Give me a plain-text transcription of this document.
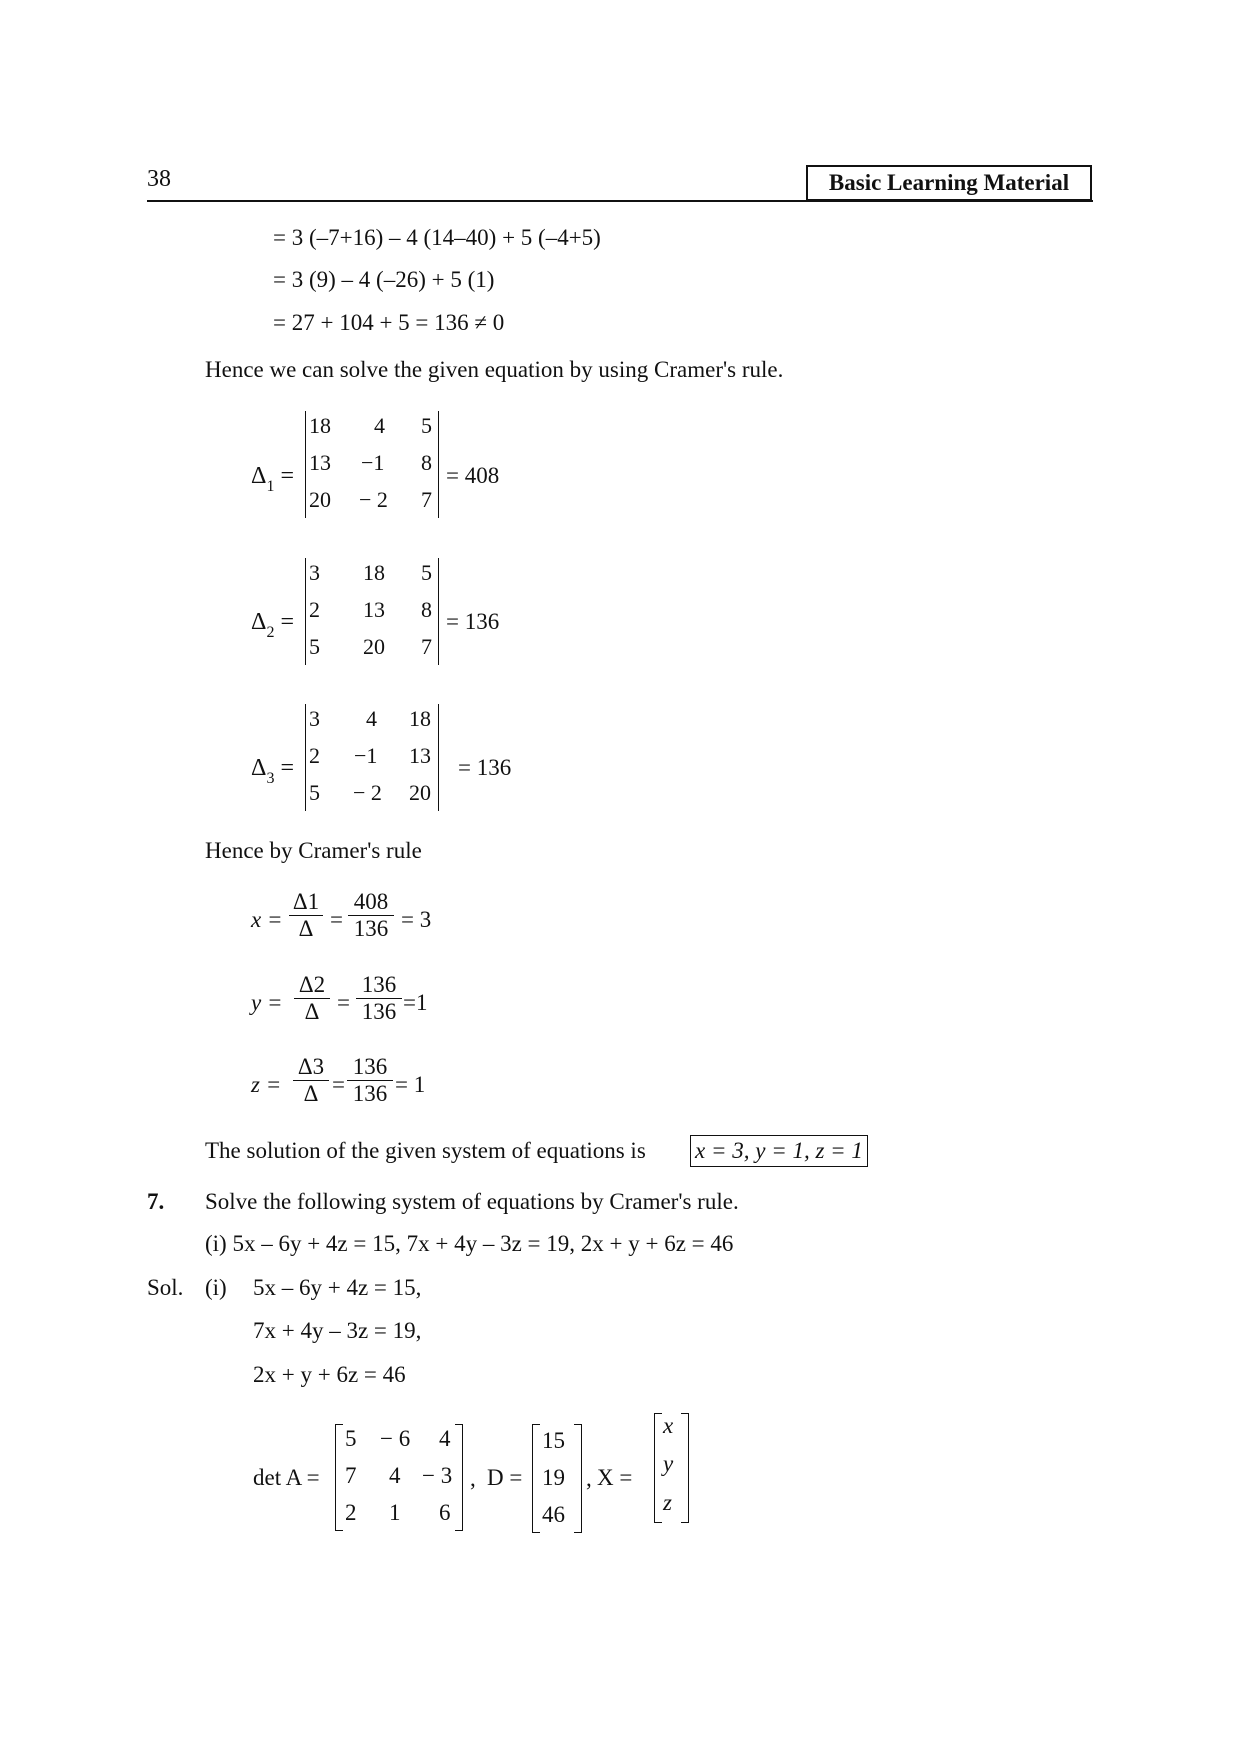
38	Basic Learning Material
= 3 (–7+16) – 4 (14–40) + 5 (–4+5)
= 3 (9) – 4 (–26) + 5 (1)
= 27 + 104 + 5 = 136 ≠ 0
Hence we can solve the given equation by using Cramer's rule.
$\Delta_1$ =
18 4 5
13 −1 8
20 − 2 7
= 408
$\Delta_2$ =
3 18 5
2 13 8
5 20 7
= 136
$\Delta_3$ =
3 4 18
2 −1 13
5 − 2 20
= 136
Hence by Cramer's rule
$x = \frac{\Delta 1}{\Delta} = \frac{408}{136} = 3$
$y = \frac{\Delta 2}{\Delta} = \frac{136}{136} =1$
$z = \frac{\Delta 3}{\Delta} = \frac{136}{136} = 1$
The solution of the given system of equations is x = 3, y = 1, z = 1
7. Solve the following system of equations by Cramer's rule.
(i) 5x – 6y + 4z = 15, 7x + 4y – 3z = 19, 2x + y + 6z = 46
Sol. (i) 5x – 6y + 4z = 15,
7x + 4y – 3z = 19,
2x + y + 6z = 46
det A =
5 − 6 4
7 4 − 3
2 1 6
, D =
15
19
46
, X =
x
y
z
